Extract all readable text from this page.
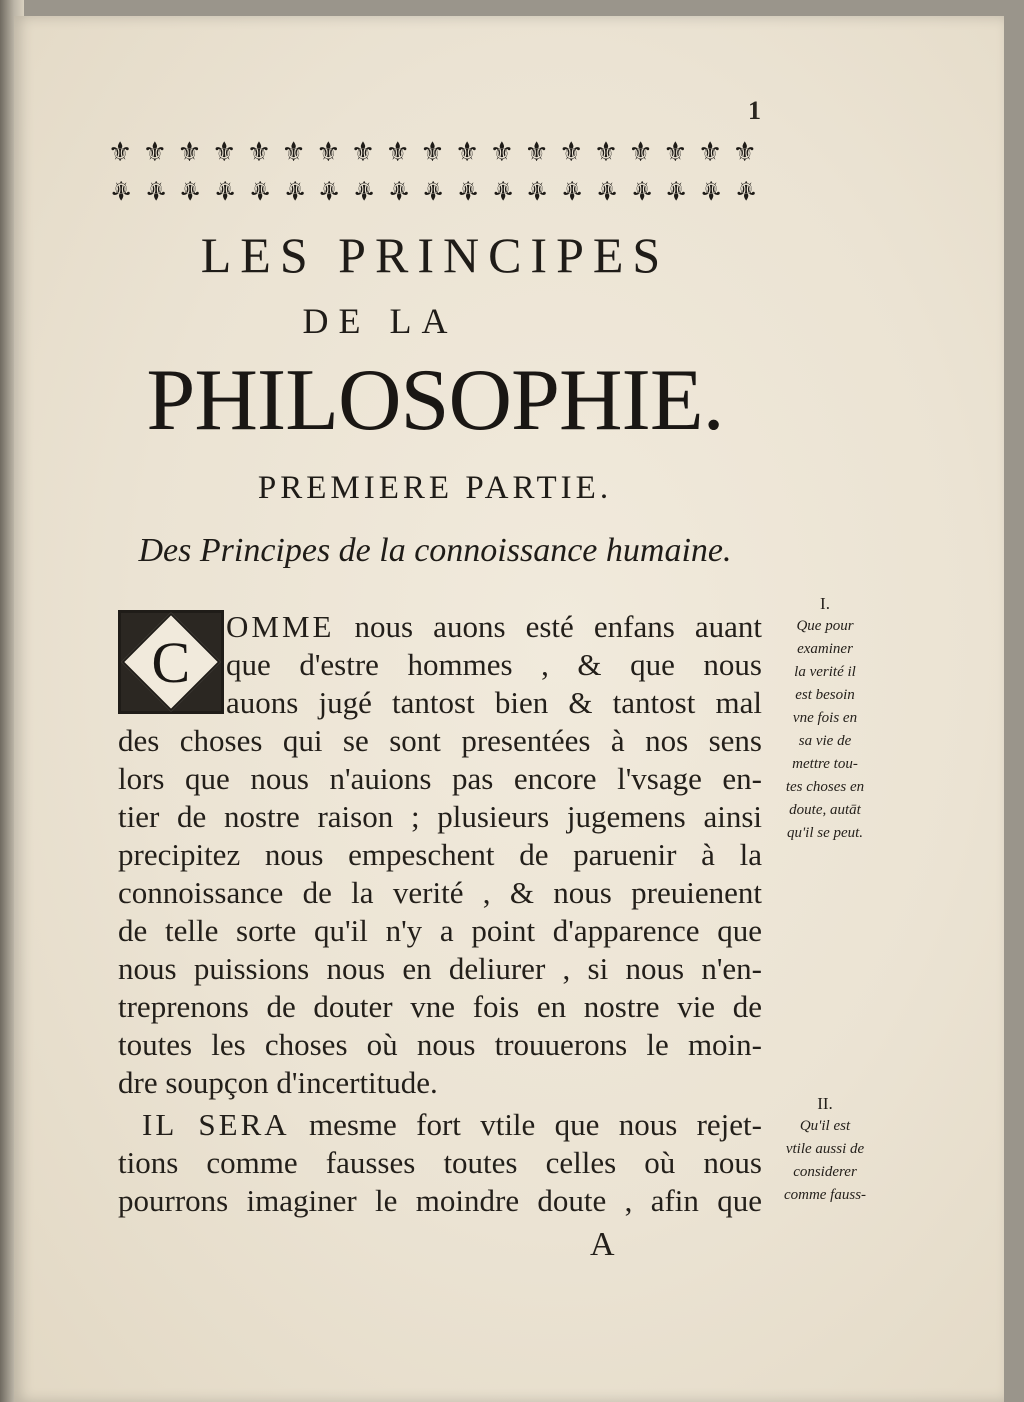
1
⚜ ⚜ ⚜ ⚜ ⚜ ⚜ ⚜ ⚜ ⚜ ⚜ ⚜ ⚜ ⚜ ⚜ ⚜ ⚜ ⚜ ⚜ ⚜
⚜ ⚜ ⚜ ⚜ ⚜ ⚜ ⚜ ⚜ ⚜ ⚜ ⚜ ⚜ ⚜ ⚜ ⚜ ⚜ ⚜ ⚜ ⚜
LES PRINCIPES
DE LA
PHILOSOPHIE.
PREMIERE PARTIE.
Des Principes de la connoissance humaine.
C
OMME nous auons esté enfans auant
que d'estre hommes , & que nous
auons jugé tantost bien & tantost mal
des choses qui se sont presentées à nos sens
lors que nous n'auions pas encore l'vsage en-
tier de nostre raison ; plusieurs jugemens ainsi
precipitez nous empeschent de paruenir à la
connoissance de la verité , & nous preuienent
de telle sorte qu'il n'y a point d'apparence que
nous puissions nous en deliurer , si nous n'en-
treprenons de douter vne fois en nostre vie de
toutes les choses où nous trouuerons le moin-
dre soupçon d'incertitude.
IL SERA mesme fort vtile que nous rejet-
tions comme fausses toutes celles où nous
pourrons imaginer le moindre doute , afin que
I.
Que pour
examiner
la verité il
est besoin
vne fois en
sa vie de
mettre tou-
tes choses en
doute, autāt
qu'il se peut.
II.
Qu'il est
vtile aussi de
considerer
comme fauss-
A
